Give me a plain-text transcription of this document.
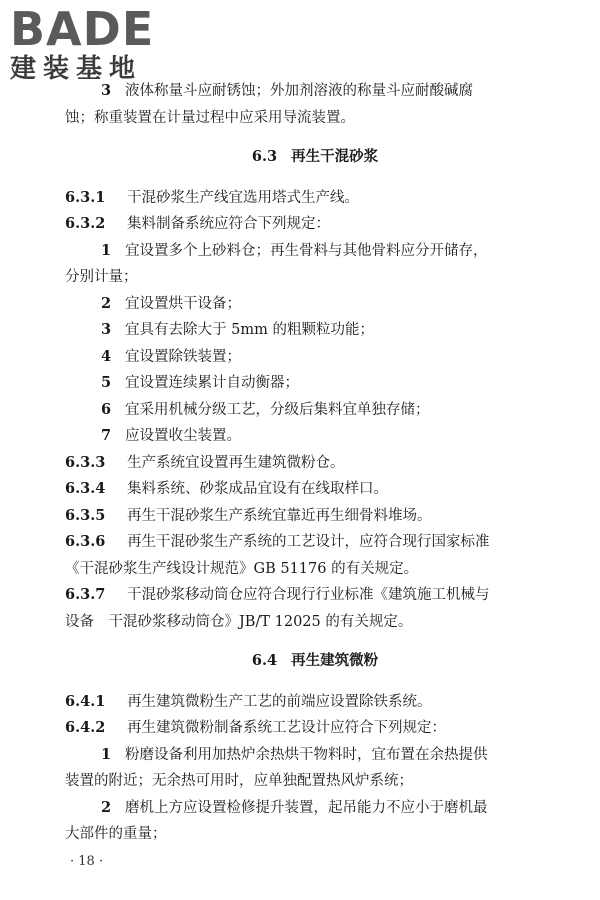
BADE
建装基地
3 液体称量斗应耐锈蚀；外加剂溶液的称量斗应耐酸碱腐
蚀；称重装置在计量过程中应采用导流装置。
6.3 再生干混砂浆
6.3.1 干混砂浆生产线宜选用塔式生产线。
6.3.2 集料制备系统应符合下列规定：
1 宜设置多个上砂料仓；再生骨料与其他骨料应分开储存，
分别计量；
2 宜设置烘干设备；
3 宜具有去除大于 5mm 的粗颗粒功能；
4 宜设置除铁装置；
5 宜设置连续累计自动衡器；
6 宜采用机械分级工艺，分级后集料宜单独存储；
7 应设置收尘装置。
6.3.3 生产系统宜设置再生建筑微粉仓。
6.3.4 集料系统、砂浆成品宜设有在线取样口。
6.3.5 再生干混砂浆生产系统宜靠近再生细骨料堆场。
6.3.6 再生干混砂浆生产系统的工艺设计，应符合现行国家标准
《干混砂浆生产线设计规范》GB 51176 的有关规定。
6.3.7 干混砂浆移动筒仓应符合现行行业标准《建筑施工机械与
设备　干混砂浆移动筒仓》JB/T 12025 的有关规定。
6.4 再生建筑微粉
6.4.1 再生建筑微粉生产工艺的前端应设置除铁系统。
6.4.2 再生建筑微粉制备系统工艺设计应符合下列规定：
1 粉磨设备利用加热炉余热烘干物料时，宜布置在余热提供
装置的附近；无余热可用时，应单独配置热风炉系统；
2 磨机上方应设置检修提升装置，起吊能力不应小于磨机最
大部件的重量；
· 18 ·
